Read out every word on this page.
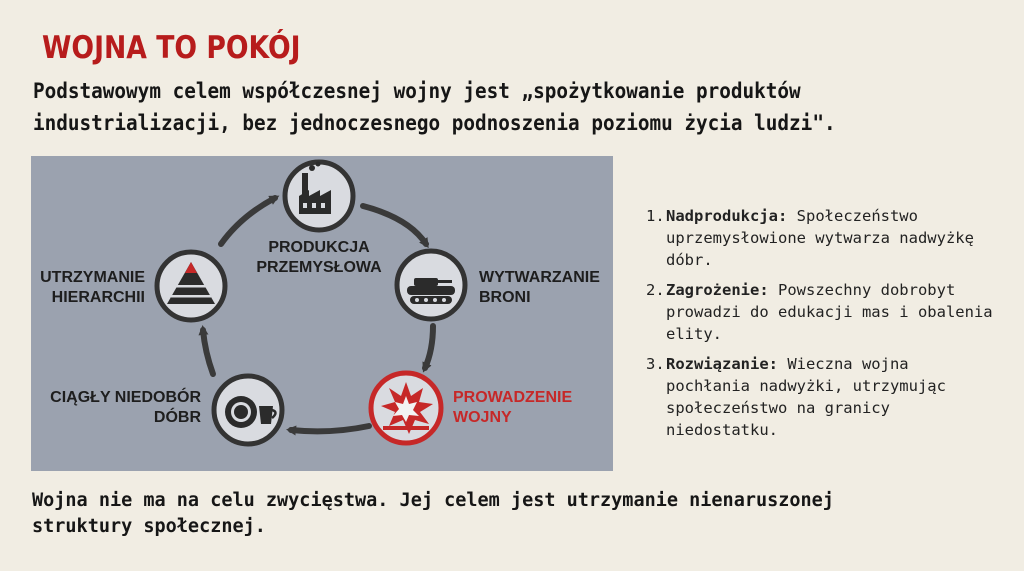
WOJNA TO POKÓJ
Podstawowym celem współczesnej wojny jest „spożytkowanie produktów
industrializacji, bez jednoczesnego podnoszenia poziomu życia ludzi".
PRODUKCJA
PRZEMYSŁOWA
WYTWARZANIE
BRONI
PROWADZENIE
WOJNY
CIĄGŁY NIEDOBÓR
DÓBR
UTRZYMANIE
HIERARCHII
1. Nadprodukcja: Społeczeństwo uprzemysłowione wytwarza nadwyżkę dóbr.
2. Zagrożenie: Powszechny dobrobyt prowadzi do edukacji mas i obalenia elity.
3. Rozwiązanie: Wieczna wojna pochłania nadwyżki, utrzymując społeczeństwo na granicy niedostatku.
Wojna nie ma na celu zwycięstwa. Jej celem jest utrzymanie nienaruszonej
struktury społecznej.
